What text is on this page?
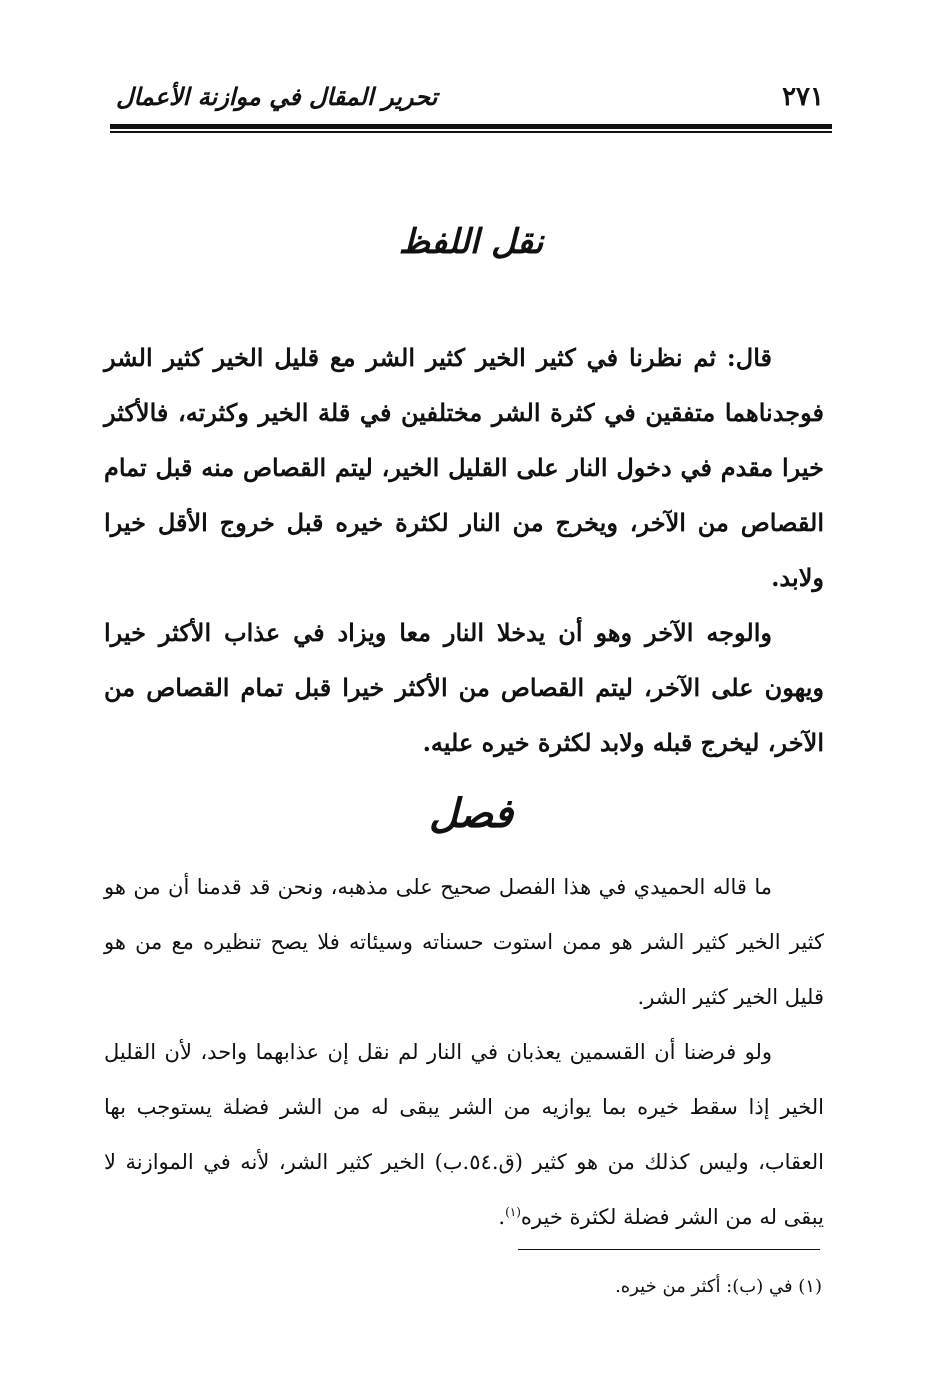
٢٧١
تحرير المقال في موازنة الأعمال
نقل اللفظ

قال: ثم نظرنا في كثير الخير كثير الشر مع قليل الخير كثير الشر فوجدناهما متفقين في كثرة الشر مختلفين في قلة الخير وكثرته، فالأكثر خيرا مقدم في دخول النار على القليل الخير، ليتم القصاص منه قبل تمام القصاص من الآخر، ويخرج من النار لكثرة خيره قبل خروج الأقل خيرا ولابد.

والوجه الآخر وهو أن يدخلا النار معا ويزاد في عذاب الأكثر خيرا ويهون على الآخر، ليتم القصاص من الأكثر خيرا قبل تمام القصاص من الآخر، ليخرج قبله ولابد لكثرة خيره عليه.

فصل

ما قاله الحميدي في هذا الفصل صحيح على مذهبه، ونحن قد قدمنا أن من هو كثير الخير كثير الشر هو ممن استوت حسناته وسيئاته فلا يصح تنظيره مع من هو قليل الخير كثير الشر.

ولو فرضنا أن القسمين يعذبان في النار لم نقل إن عذابهما واحد، لأن القليل الخير إذا سقط خيره بما يوازيه من الشر يبقى له من الشر فضلة يستوجب بها العقاب، وليس كذلك من هو كثير (ق.٥٤.ب) الخير كثير الشر، لأنه في الموازنة لا يبقى له من الشر فضلة لكثرة خيره$^{(١)}$.

(١) في (ب): أكثر من خيره.
